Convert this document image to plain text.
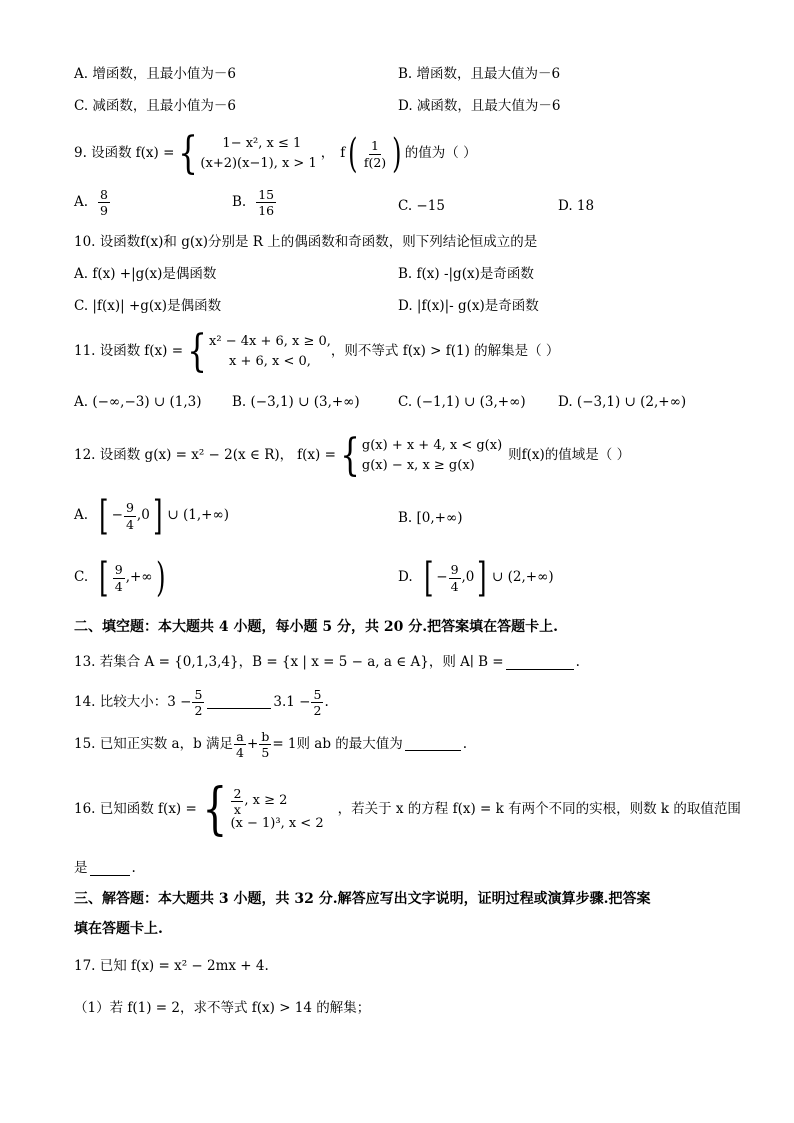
A. 增函数，且最小值为－6	B. 增函数，且最大值为－6
C. 减函数，且最小值为－6	D. 减函数，且最大值为－6
9. 设函数 f(x) = {	1− x², x ≤ 1
(x+2)(x−1), x > 1
， f ( $\frac{1}{f(2)}$ ) 的值为（ ）
A. $\frac{8}{9}$	B. $\frac{15}{16}$	C. −15	D. 18
10. 设函数f(x)和 g(x)分别是 R 上的偶函数和奇函数，则下列结论恒成立的是
A. f(x) +|g(x)是偶函数	B. f(x) -|g(x)是奇函数
C. |f(x)| +g(x)是偶函数	D. |f(x)|- g(x)是奇函数
11. 设函数 f(x) = { x² − 4x + 6, x ≥ 0,
x + 6, x < 0,
，则不等式 f(x) > f(1) 的解集是（ ）
A. (−∞,−3) ∪ (1,3) B. (−3,1) ∪ (3,+∞)	C. (−1,1) ∪ (3,+∞) D. (−3,1) ∪ (2,+∞)
12. 设函数 g(x) = x² − 2(x ∈ R)， f(x) = { g(x) + x + 4, x < g(x)
g(x) − x, x ≥ g(x)
则f(x)的值域是（ ）
A. [ − $\frac{9}{4} ,0$ ] ∪ (1,+∞)	B. [0,+∞)
C. [ $\frac{9}{4}$ ,+∞ )	D. [ − $\frac{9}{4} ,0$ ] ∪ (2,+∞)
二、填空题：本大题共 4 小题，每小题 5 分，共 20 分.把答案填在答题卡上.
13. 若集合 A = {0,1,3,4}，B = {x | x = 5 − a, a ∈ A}，则 A∣ B =	.
14. 比较大小：$3 - \frac{5}{2}$	$3.1 - \frac{5}{2}$ .
15. 已知正实数 a，b 满足 $\frac{a}{4} + \frac{b}{5} = 1$则 ab 的最大值为	.
16. 已知函数 f(x) = { $\frac{2}{x}$ , x ≥ 2
(x − 1)³, x < 2
，若关于 x 的方程 f(x) = k 有两个不同的实根，则数 k 的取值范围
是	.
三、解答题：本大题共 3 小题，共 32 分.解答应写出文字说明，证明过程或演算步骤.把答案
填在答题卡上.
17. 已知 f(x) = x² − 2mx + 4.
（1）若 f(1) = 2，求不等式 f(x) > 14 的解集；
